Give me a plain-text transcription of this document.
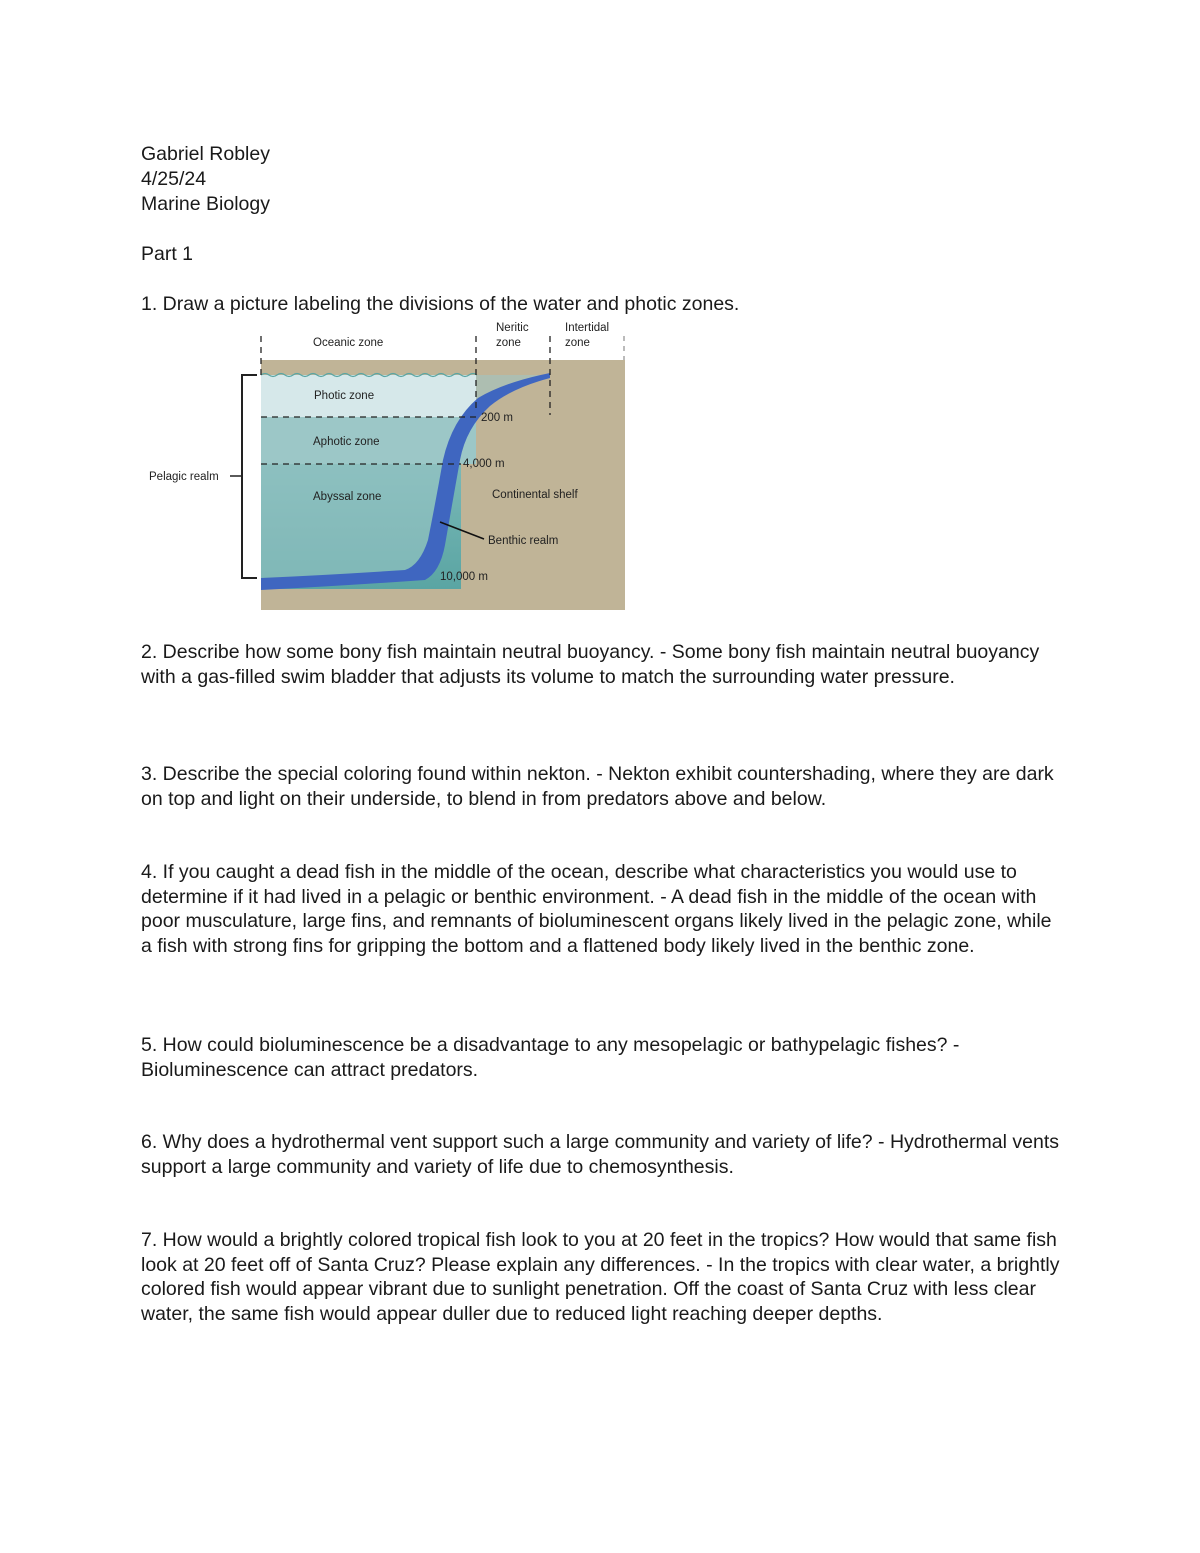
Gabriel Robley
4/25/24
Marine Biology
Part 1
1. Draw a picture labeling the divisions of the water and photic zones.
Oceanic zone
Neritic
zone
Intertidal
zone
Photic zone
Aphotic zone
Abyssal zone
Pelagic realm
200 m
4,000 m
10,000 m
Continental shelf
Benthic realm
2. Describe how some bony fish maintain neutral buoyancy. - Some bony fish maintain neutral buoyancy with a gas-filled swim bladder that adjusts its volume to match the surrounding water pressure.
3. Describe the special coloring found within nekton. - Nekton exhibit countershading, where they are dark on top and light on their underside, to blend in from predators above and below.
4. If you caught a dead fish in the middle of the ocean, describe what characteristics you would use to determine if it had lived in a pelagic or benthic environment. - A dead fish in the middle of the ocean with poor musculature, large fins, and remnants of bioluminescent organs likely lived in the pelagic zone, while a fish with strong fins for gripping the bottom and a flattened body likely lived in the benthic zone.
5. How could bioluminescence be a disadvantage to any mesopelagic or bathypelagic fishes? - Bioluminescence can attract predators.
6. Why does a hydrothermal vent support such a large community and variety of life? - Hydrothermal vents support a large community and variety of life due to chemosynthesis.
7. How would a brightly colored tropical fish look to you at 20 feet in the tropics? How would that same fish look at 20 feet off of Santa Cruz? Please explain any differences. - In the tropics with clear water, a brightly colored fish would appear vibrant due to sunlight penetration. Off the coast of Santa Cruz with less clear water, the same fish would appear duller due to reduced light reaching deeper depths.
